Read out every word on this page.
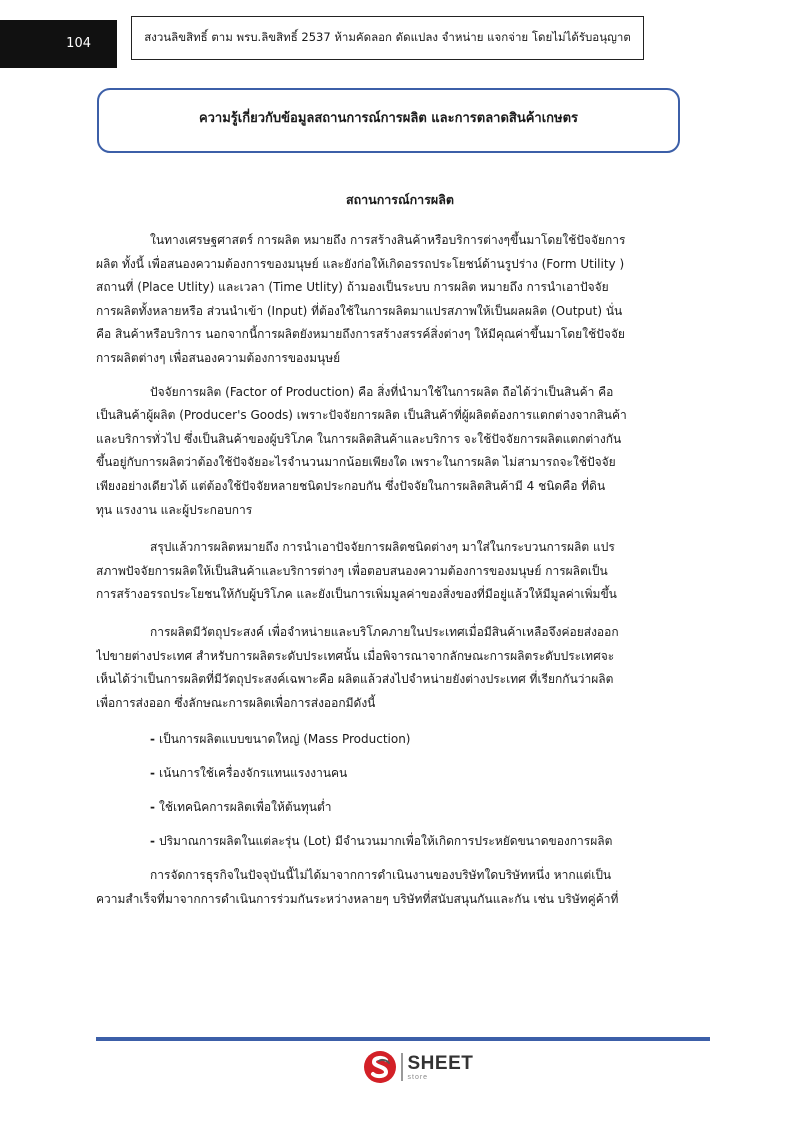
104	สงวนลิขสิทธิ์ ตาม พรบ.ลิขสิทธิ์ 2537 ห้ามคัดลอก ดัดแปลง จำหน่าย แจกจ่าย โดยไม่ได้รับอนุญาต
ความรู้เกี่ยวกับข้อมูลสถานการณ์การผลิต และการตลาดสินค้าเกษตร
สถานการณ์การผลิต
ในทางเศรษฐศาสตร์ การผลิต หมายถึง การสร้างสินค้าหรือบริการต่างๆขึ้นมาโดยใช้ปัจจัยการ
ผลิต ทั้งนี้ เพื่อสนองความต้องการของมนุษย์ และยังก่อให้เกิดอรรถประโยชน์ด้านรูปร่าง (Form Utility )
สถานที่ (Place Utlity) และเวลา (Time Utlity) ถ้ามองเป็นระบบ การผลิต หมายถึง การนำเอาปัจจัย
การผลิตทั้งหลายหรือ ส่วนนำเข้า (Input) ที่ต้องใช้ในการผลิตมาแปรสภาพให้เป็นผลผลิต (Output) นั่น
คือ สินค้าหรือบริการ นอกจากนี้การผลิตยังหมายถึงการสร้างสรรค์สิ่งต่างๆ ให้มีคุณค่าขึ้นมาโดยใช้ปัจจัย
การผลิตต่างๆ เพื่อสนองความต้องการของมนุษย์
ปัจจัยการผลิต (Factor of Production) คือ สิ่งที่นำมาใช้ในการผลิต ถือได้ว่าเป็นสินค้า คือ
เป็นสินค้าผู้ผลิต (Producer's Goods) เพราะปัจจัยการผลิต เป็นสินค้าที่ผู้ผลิตต้องการแตกต่างจากสินค้า
และบริการทั่วไป ซึ่งเป็นสินค้าของผู้บริโภค ในการผลิตสินค้าและบริการ จะใช้ปัจจัยการผลิตแตกต่างกัน
ขึ้นอยู่กับการผลิตว่าต้องใช้ปัจจัยอะไรจำนวนมากน้อยเพียงใด เพราะในการผลิต ไม่สามารถจะใช้ปัจจัย
เพียงอย่างเดียวได้ แต่ต้องใช้ปัจจัยหลายชนิดประกอบกัน ซึ่งปัจจัยในการผลิตสินค้ามี 4 ชนิดคือ ที่ดิน
ทุน แรงงาน และผู้ประกอบการ
สรุปแล้วการผลิตหมายถึง การนำเอาปัจจัยการผลิตชนิดต่างๆ มาใส่ในกระบวนการผลิต แปร
สภาพปัจจัยการผลิตให้เป็นสินค้าและบริการต่างๆ เพื่อตอบสนองความต้องการของมนุษย์ การผลิตเป็น
การสร้างอรรถประโยชนให้กับผู้บริโภค และยังเป็นการเพิ่มมูลค่าของสิ่งของที่มีอยู่แล้วให้มีมูลค่าเพิ่มขึ้น
การผลิตมีวัตถุประสงค์ เพื่อจำหน่ายและบริโภคภายในประเทศเมื่อมีสินค้าเหลือจึงค่อยส่งออก
ไปขายต่างประเทศ สำหรับการผลิตระดับประเทศนั้น เมื่อพิจารณาจากลักษณะการผลิตระดับประเทศจะ
เห็นได้ว่าเป็นการผลิตที่มีวัตถุประสงค์เฉพาะคือ ผลิตแล้วส่งไปจำหน่ายยังต่างประเทศ ที่เรียกกันว่าผลิต
เพื่อการส่งออก ซึ่งลักษณะการผลิตเพื่อการส่งออกมีดังนี้
- เป็นการผลิตแบบขนาดใหญ่ (Mass Production)
- เน้นการใช้เครื่องจักรแทนแรงงานคน
- ใช้เทคนิคการผลิตเพื่อให้ต้นทุนต่ำ
- ปริมาณการผลิตในแต่ละรุ่น (Lot) มีจำนวนมากเพื่อให้เกิดการประหยัดขนาดของการผลิต
การจัดการธุรกิจในปัจจุบันนี้ไม่ได้มาจากการดำเนินงานของบริษัทใดบริษัทหนึ่ง หากแต่เป็น
ความสำเร็จที่มาจากการดำเนินการร่วมกันระหว่างหลายๆ บริษัทที่สนับสนุนกันและกัน เช่น บริษัทคู่ค้าที่
SHEET
store
